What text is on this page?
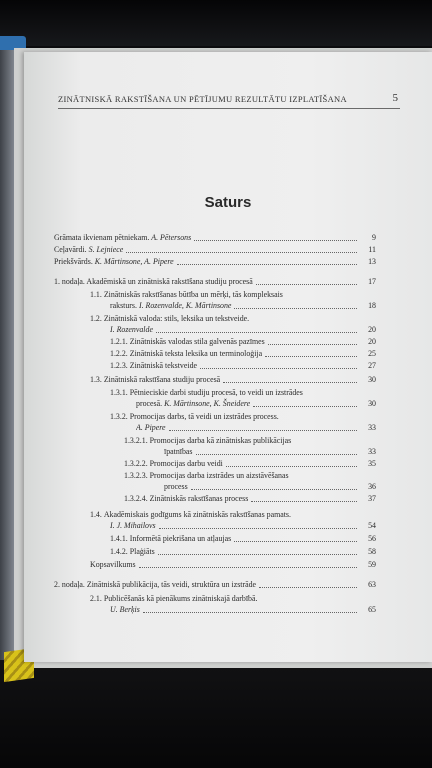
ZINĀTNISKĀ RAKSTĪŠANA UN PĒTĪJUMU REZULTĀTU IZPLATĪŠANA	5
Saturs
Grāmata ikvienam pētniekam.
A. Pētersons	9
Ceļavārdi.
S. Lejniece	11
Priekšvārds.
K. Mārtinsone, A. Pipere	13
1. nodaļa. Akadēmiskā un zinātniskā rakstīšana studiju procesā	17
1.1. Zinātniskās rakstīšanas būtība un mērķi, tās kompleksais
raksturs.
I. Rozenvalde, K. Mārtinsone	18
1.2. Zinātniskā valoda: stils, leksika un tekstveide.
I. Rozenvalde	20
1.2.1.
Zinātniskās valodas stila galvenās pazīmes	20
1.2.2.
Zinātniskā teksta leksika un terminoloģija	25
1.2.3.
Zinātniskā tekstveide	27
1.3.
Zinātniskā rakstīšana studiju procesā	30
1.3.1. Pētnieciskie darbi studiju procesā, to veidi un izstrādes
procesā.
K. Mārtinsone, K. Šneidere	30
1.3.2. Promocijas darbs, tā veidi un izstrādes process.
A. Pipere	33
1.3.2.1. Promocijas darba kā zinātniskas publikācijas
īpatnības	33
1.3.2.2.
Promocijas darbu veidi	35
1.3.2.3. Promocijas darba izstrādes un aizstāvēšanas
process	36
1.3.2.4.
Zinātniskās rakstīšanas process	37
1.4. Akadēmiskais godīgums kā zinātniskās rakstīšanas pamats.
I. J. Mihailovs	54
1.4.1.
Informētā piekrišana un atļaujas	56
1.4.2.
Plaģiāts	58
Kopsavilkums	59
2. nodaļa. Zinātniskā publikācija, tās veidi, struktūra un izstrāde	63
2.1. Publicēšanās kā pienākums zinātniskajā darbībā.
U. Berķis	65
